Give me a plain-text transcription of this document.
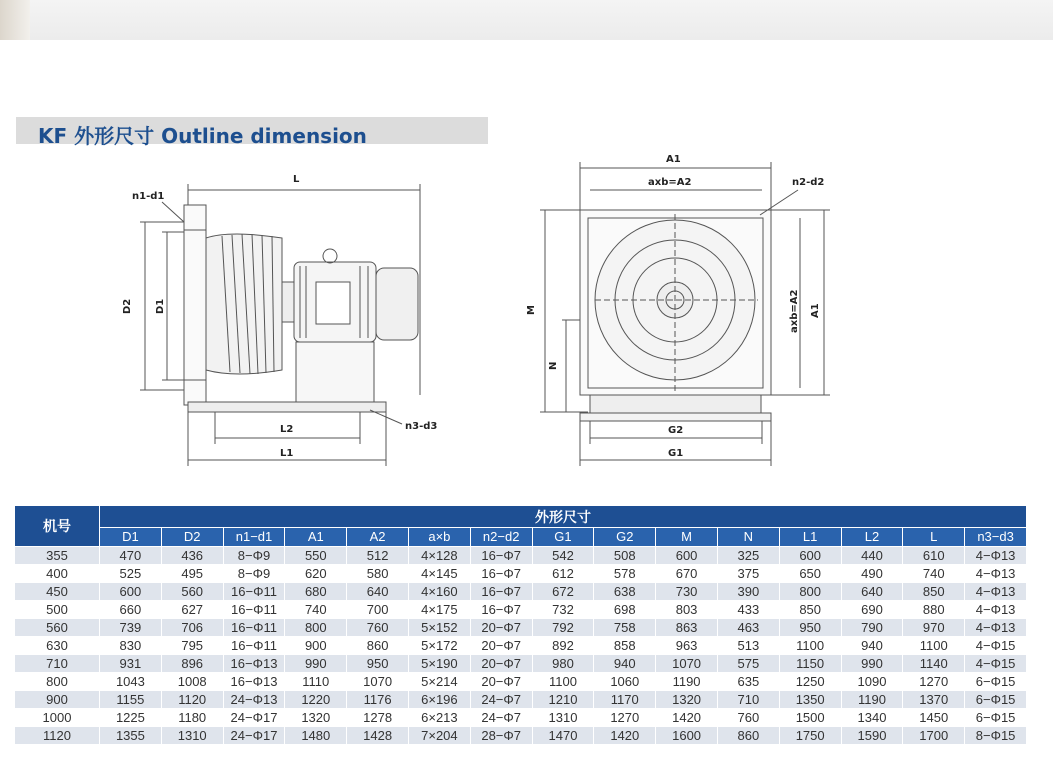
KF 外形尺寸 Outline dimension
L
n1-d1
D2 D1
L2
L1
n3-d3
A1
axb=A2	n2-d2
M
N
axb=A2 A1
G2
G1
机号	外形尺寸														
	D1	D2	n1−d1	A1	A2	a×b	n2−d2	G1	G2	M	N	L1	L2	L	n3−d3
355	470	436	8−Φ9	550	512	4×128	16−Φ7	542	508	600	325	600	440	610	4−Φ13
400	525	495	8−Φ9	620	580	4×145	16−Φ7	612	578	670	375	650	490	740	4−Φ13
450	600	560	16−Φ11	680	640	4×160	16−Φ7	672	638	730	390	800	640	850	4−Φ13
500	660	627	16−Φ11	740	700	4×175	16−Φ7	732	698	803	433	850	690	880	4−Φ13
560	739	706	16−Φ11	800	760	5×152	20−Φ7	792	758	863	463	950	790	970	4−Φ13
630	830	795	16−Φ11	900	860	5×172	20−Φ7	892	858	963	513	1100	940	1100	4−Φ15
710	931	896	16−Φ13	990	950	5×190	20−Φ7	980	940	1070	575	1150	990	1140	4−Φ15
800	1043	1008	16−Φ13	1110	1070	5×214	20−Φ7	1100	1060	1190	635	1250	1090	1270	6−Φ15
900	1155	1120	24−Φ13	1220	1176	6×196	24−Φ7	1210	1170	1320	710	1350	1190	1370	6−Φ15
1000	1225	1180	24−Φ17	1320	1278	6×213	24−Φ7	1310	1270	1420	760	1500	1340	1450	6−Φ15
1120	1355	1310	24−Φ17	1480	1428	7×204	28−Φ7	1470	1420	1600	860	1750	1590	1700	8−Φ15
